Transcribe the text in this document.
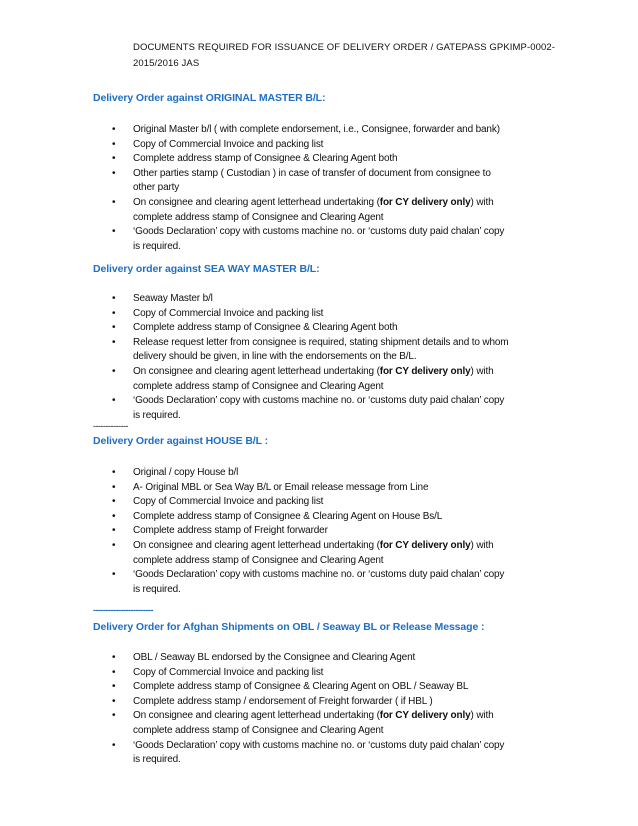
DOCUMENTS REQUIRED FOR ISSUANCE OF DELIVERY ORDER / GATEPASS GPKIMP-0002-
2015/2016 JAS
Delivery Order against ORIGINAL MASTER B/L:
• Original Master b/l ( with complete endorsement, i.e., Consignee, forwarder and bank)
• Copy of Commercial Invoice and packing list
• Complete address stamp of Consignee & Clearing Agent both
• Other parties stamp ( Custodian ) in case of transfer of document from consignee to
other party
• On consignee and clearing agent letterhead undertaking (for CY delivery only) with
complete address stamp of Consignee and Clearing Agent
• ‘Goods Declaration’ copy with customs machine no. or ‘customs duty paid chalan’ copy
is required.
Delivery order against SEA WAY MASTER B/L:
• Seaway Master b/l
• Copy of Commercial Invoice and packing list
• Complete address stamp of Consignee & Clearing Agent both
• Release request letter from consignee is required, stating shipment details and to whom
delivery should be given, in line with the endorsements on the B/L.
• On consignee and clearing agent letterhead undertaking (for CY delivery only) with
complete address stamp of Consignee and Clearing Agent
• ‘Goods Declaration’ copy with customs machine no. or ‘customs duty paid chalan’ copy
is required.
--------------
Delivery Order against HOUSE B/L :
• Original / copy House b/l
• A- Original MBL or Sea Way B/L or Email release message from Line
• Copy of Commercial Invoice and packing list
• Complete address stamp of Consignee & Clearing Agent on House Bs/L
• Complete address stamp of Freight forwarder
• On consignee and clearing agent letterhead undertaking (for CY delivery only) with
complete address stamp of Consignee and Clearing Agent
• ‘Goods Declaration’ copy with customs machine no. or ‘customs duty paid chalan’ copy
is required.
------------------------
Delivery Order for Afghan Shipments on OBL / Seaway BL or Release Message :
• OBL / Seaway BL endorsed by the Consignee and Clearing Agent
• Copy of Commercial Invoice and packing list
• Complete address stamp of Consignee & Clearing Agent on OBL / Seaway BL
• Complete address stamp / endorsement of Freight forwarder ( if HBL )
• On consignee and clearing agent letterhead undertaking (for CY delivery only) with
complete address stamp of Consignee and Clearing Agent
• ‘Goods Declaration’ copy with customs machine no. or ‘customs duty paid chalan’ copy
is required.
